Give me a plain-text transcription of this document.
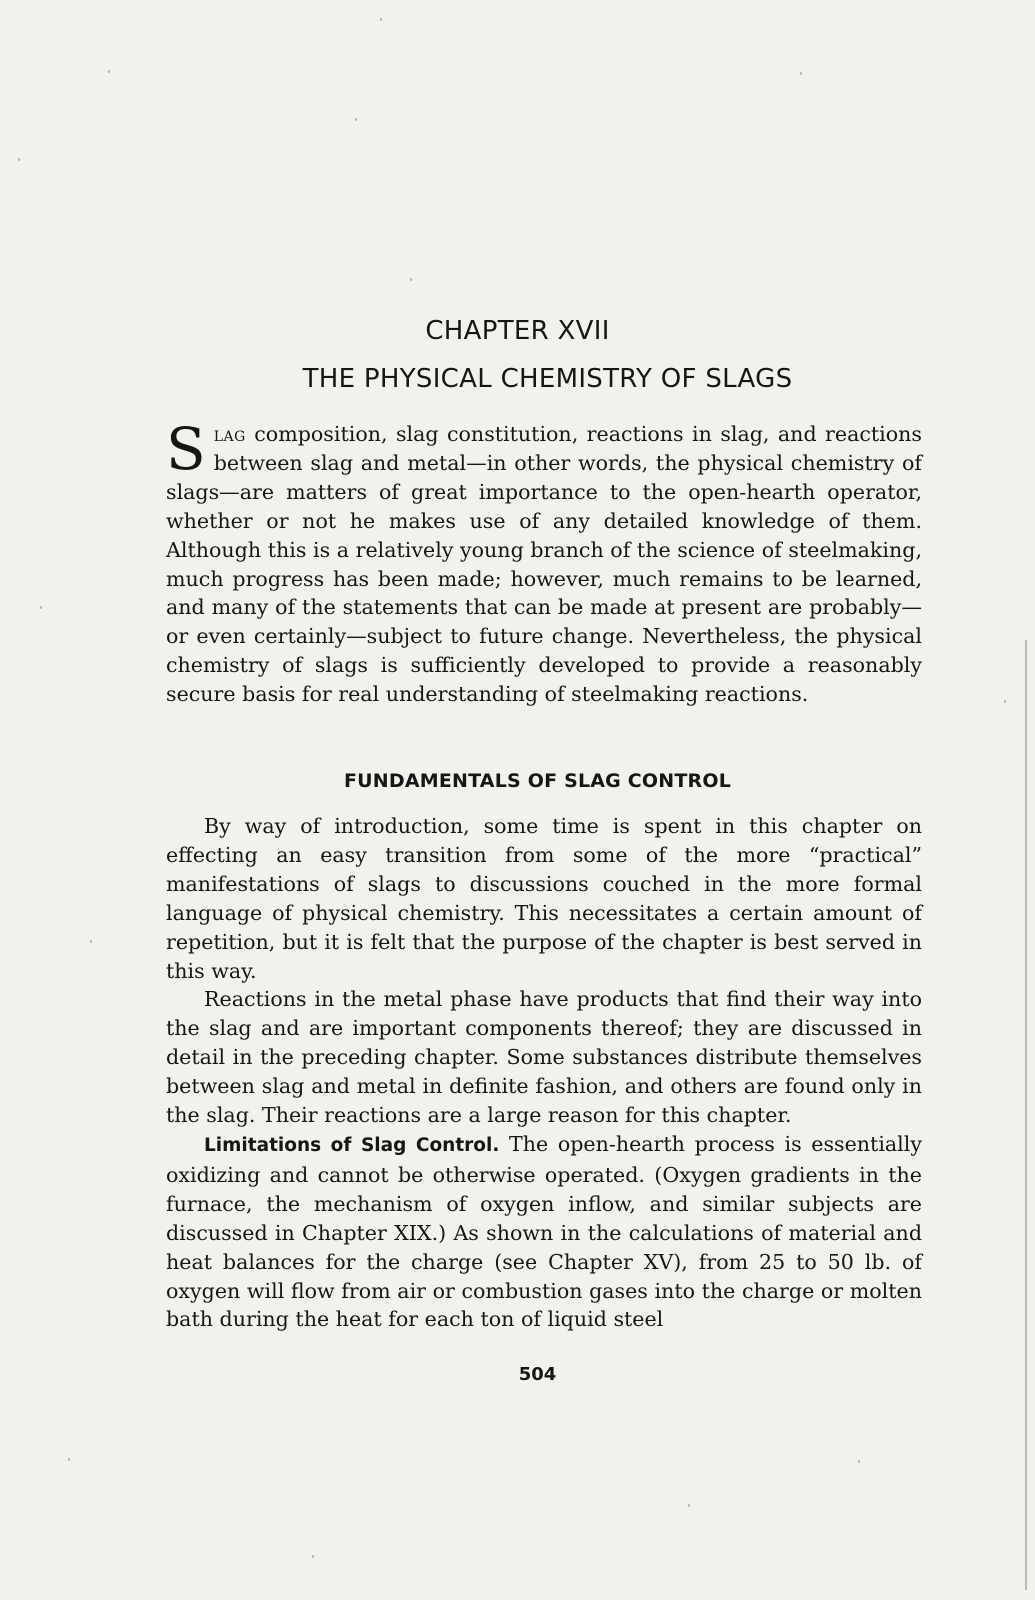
CHAPTER XVII
THE PHYSICAL CHEMISTRY OF SLAGS

Slag composition, slag constitution, reactions in slag, and reactions between slag and metal—in other words, the physical chemistry of slags—are matters of great importance to the open-hearth operator, whether or not he makes use of any detailed knowledge of them. Although this is a relatively young branch of the science of steelmaking, much progress has been made; however, much remains to be learned, and many of the statements that can be made at present are probably—or even certainly—subject to future change. Nevertheless, the physical chemistry of slags is sufficiently developed to provide a reasonably secure basis for real understanding of steelmaking reactions.

FUNDAMENTALS OF SLAG CONTROL

By way of introduction, some time is spent in this chapter on effecting an easy transition from some of the more “practical” manifestations of slags to discussions couched in the more formal language of physical chemistry. This necessitates a certain amount of repetition, but it is felt that the purpose of the chapter is best served in this way.

Reactions in the metal phase have products that find their way into the slag and are important components thereof; they are discussed in detail in the preceding chapter. Some substances distribute themselves between slag and metal in definite fashion, and others are found only in the slag. Their reactions are a large reason for this chapter.

Limitations of Slag Control. The open-hearth process is essentially oxidizing and cannot be otherwise operated. (Oxygen gradients in the furnace, the mechanism of oxygen inflow, and similar subjects are discussed in Chapter XIX.) As shown in the calculations of material and heat balances for the charge (see Chapter XV), from 25 to 50 lb. of oxygen will flow from air or combustion gases into the charge or molten bath during the heat for each ton of liquid steel

504
